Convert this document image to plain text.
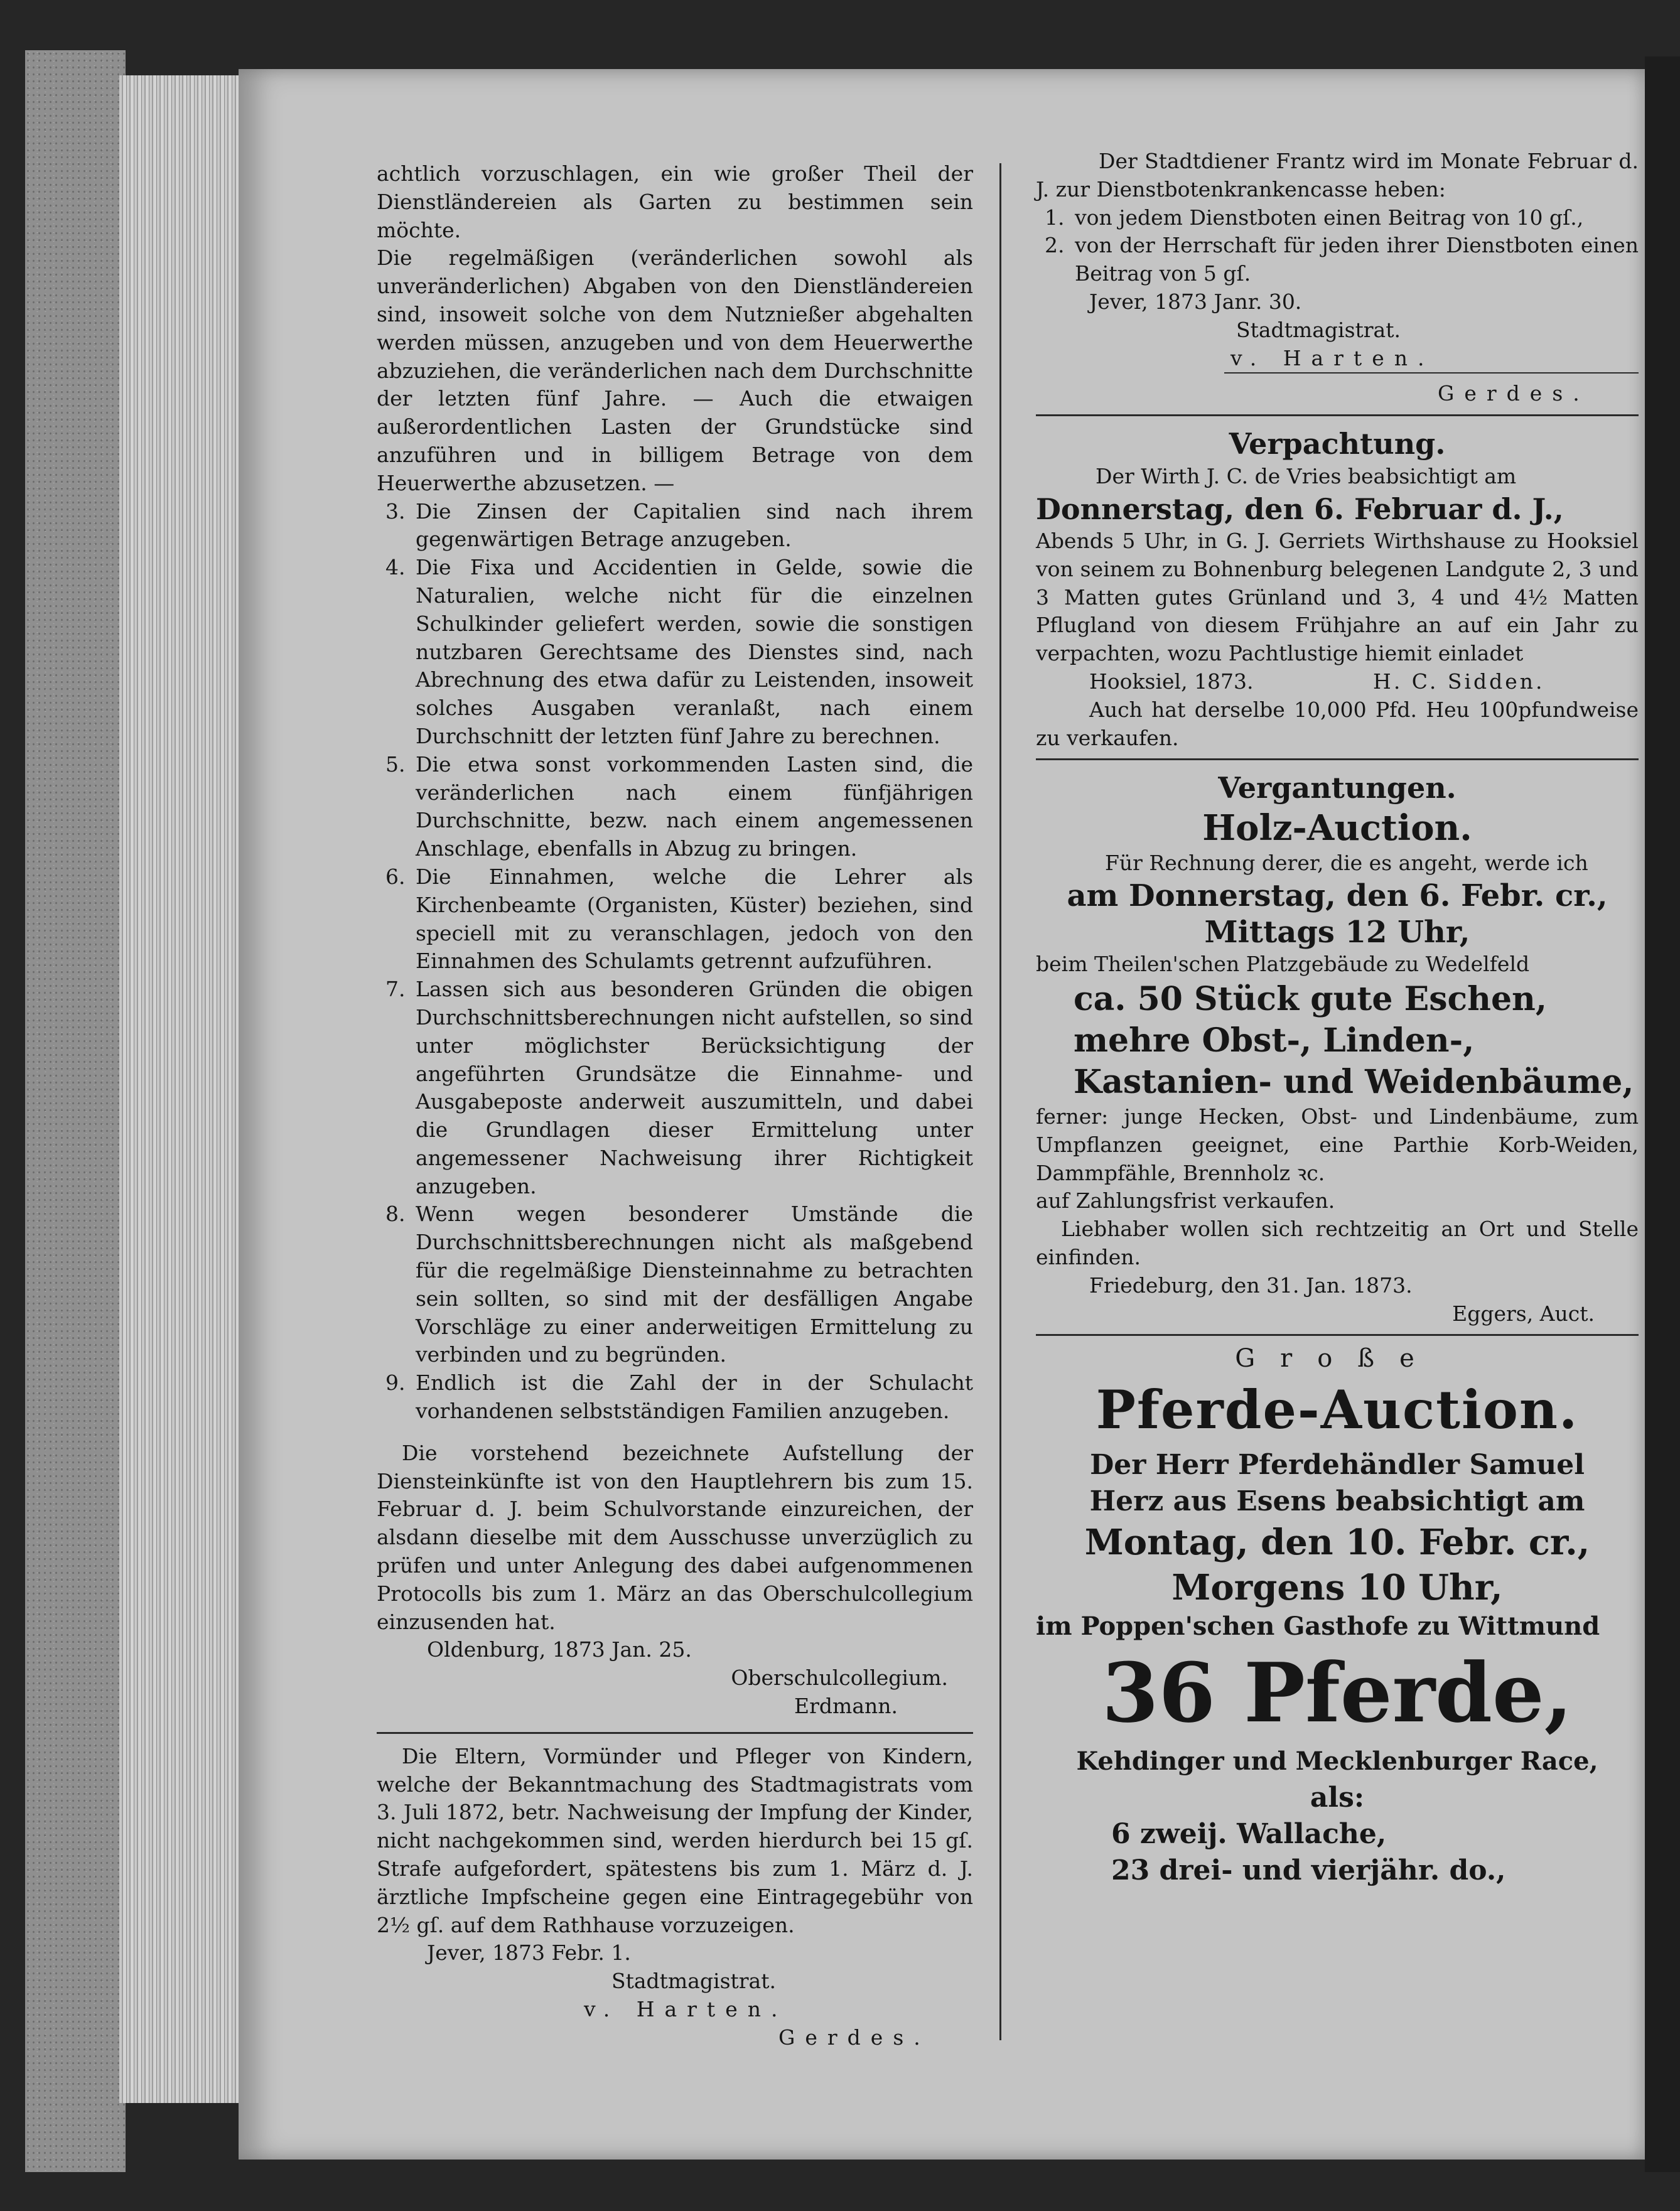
achtlich vorzuschlagen, ein wie großer Theil der

Dienstländereien als Garten zu bestimmen sein

möchte.

Die regelmäßigen (veränderlichen sowohl als unveränderlichen) Abgaben von den Dienstländereien sind, insoweit solche von dem Nutznießer abgehalten werden müssen, anzugeben und von dem Heuerwerthe abzuziehen, die veränderlichen nach dem Durchschnitte der letzten fünf Jahre. — Auch die etwaigen außerordentlichen Lasten der Grundstücke sind anzuführen und in billigem Betrage von dem Heuerwerthe abzusetzen. —

3. Die Zinsen der Capitalien sind nach ihrem gegenwärtigen Betrage anzugeben.
4. Die Fixa und Accidentien in Gelde, sowie die Naturalien, welche nicht für die einzelnen Schulkinder geliefert werden, sowie die sonstigen nutzbaren Gerechtsame des Dienstes sind, nach Abrechnung des etwa dafür zu Leistenden, insoweit solches Ausgaben veranlaßt, nach einem Durchschnitt der letzten fünf Jahre zu berechnen.
5. Die etwa sonst vorkommenden Lasten sind, die veränderlichen nach einem fünfjährigen Durchschnitte, bezw. nach einem angemessenen Anschlage, ebenfalls in Abzug zu bringen.
6. Die Einnahmen, welche die Lehrer als Kirchenbeamte (Organisten, Küster) beziehen, sind speciell mit zu veranschlagen, jedoch von den Einnahmen des Schulamts getrennt aufzuführen.
7. Lassen sich aus besonderen Gründen die obigen Durchschnittsberechnungen nicht aufstellen, so sind unter möglichster Berücksichtigung der angeführten Grundsätze die Einnahme- und Ausgabeposte anderweit auszumitteln, und dabei die Grundlagen dieser Ermittelung unter angemessener Nachweisung ihrer Richtigkeit anzugeben.
8. Wenn wegen besonderer Umstände die Durchschnittsberechnungen nicht als maßgebend für die regelmäßige Diensteinnahme zu betrachten sein sollten, so sind mit der desfälligen Angabe Vorschläge zu einer anderweitigen Ermittelung zu verbinden und zu begründen.
9. Endlich ist die Zahl der in der Schulacht vorhandenen selbstständigen Familien anzugeben.

Die vorstehend bezeichnete Aufstellung der Diensteinkünfte ist von den Hauptlehrern bis zum 15. Februar d. J. beim Schulvorstande einzureichen, der alsdann dieselbe mit dem Ausschusse unverzüglich zu prüfen und unter Anlegung des dabei aufgenommenen Protocolls bis zum 1. März an das Oberschulcollegium einzusenden hat.

Oldenburg, 1873 Jan. 25.

Oberschulcollegium.

Erdmann.

Die Eltern, Vormünder und Pfleger von Kindern, welche der Bekanntmachung des Stadtmagistrats vom 3. Juli 1872, betr. Nachweisung der Impfung der Kinder, nicht nachgekommen sind, werden hierdurch bei 15 gſ. Strafe aufgefordert, spätestens bis zum 1. März d. J. ärztliche Impfscheine gegen eine Eintragegebühr von 2½ gſ. auf dem Rathhause vorzuzeigen.

Jever, 1873 Febr. 1.

Stadtmagistrat.

v. Harten.

Gerdes.

Der Stadtdiener Frantz wird im Monate Februar d. J. zur Dienstbotenkrankencasse heben:

1. von jedem Dienstboten einen Beitrag von 10 gſ.,
2. von der Herrschaft für jeden ihrer Dienstboten einen Beitrag von 5 gſ.

Jever, 1873 Janr. 30.

Stadtmagistrat.

v. Harten.

Gerdes.

Verpachtung.

Der Wirth J. C. de Vries beabsichtigt am

Donnerstag, den 6. Februar d. J.,

Abends 5 Uhr, in G. J. Gerriets Wirthshause zu Hooksiel von seinem zu Bohnenburg belegenen Landgute 2, 3 und 3 Matten gutes Grünland und 3, 4 und 4½ Matten Pflugland von diesem Frühjahre an auf ein Jahr zu verpachten, wozu Pachtlustige hiemit einladet

Hooksiel, 1873.	H. C. Sidden.

Auch hat derselbe 10,000 Pfd. Heu 100pfundweise zu verkaufen.

Vergantungen.

Holz-Auction.

Für Rechnung derer, die es angeht, werde ich

am Donnerstag, den 6. Febr. cr.,

Mittags 12 Uhr,

beim Theilen'schen Platzgebäude zu Wedelfeld

ca. 50 Stück gute Eschen, mehre Obst-, Linden-, Kastanien- und Weidenbäume,

ferner: junge Hecken, Obst- und Lindenbäume, zum Umpflanzen geeignet, eine Parthie Korb-Weiden, Dammpfähle, Brennholz ꝛc.

auf Zahlungsfrist verkaufen.

Liebhaber wollen sich rechtzeitig an Ort und Stelle einfinden.

Friedeburg, den 31. Jan. 1873.

Eggers, Auct.

Große

Pferde-Auction.

Der Herr Pferdehändler Samuel

Herz aus Esens beabsichtigt am

Montag, den 10. Febr. cr.,

Morgens 10 Uhr,

im Poppen'schen Gasthofe zu Wittmund

36 Pferde,

Kehdinger und Mecklenburger Race,

als:

6 zweij. Wallache,

23 drei- und vierjähr. do.,
